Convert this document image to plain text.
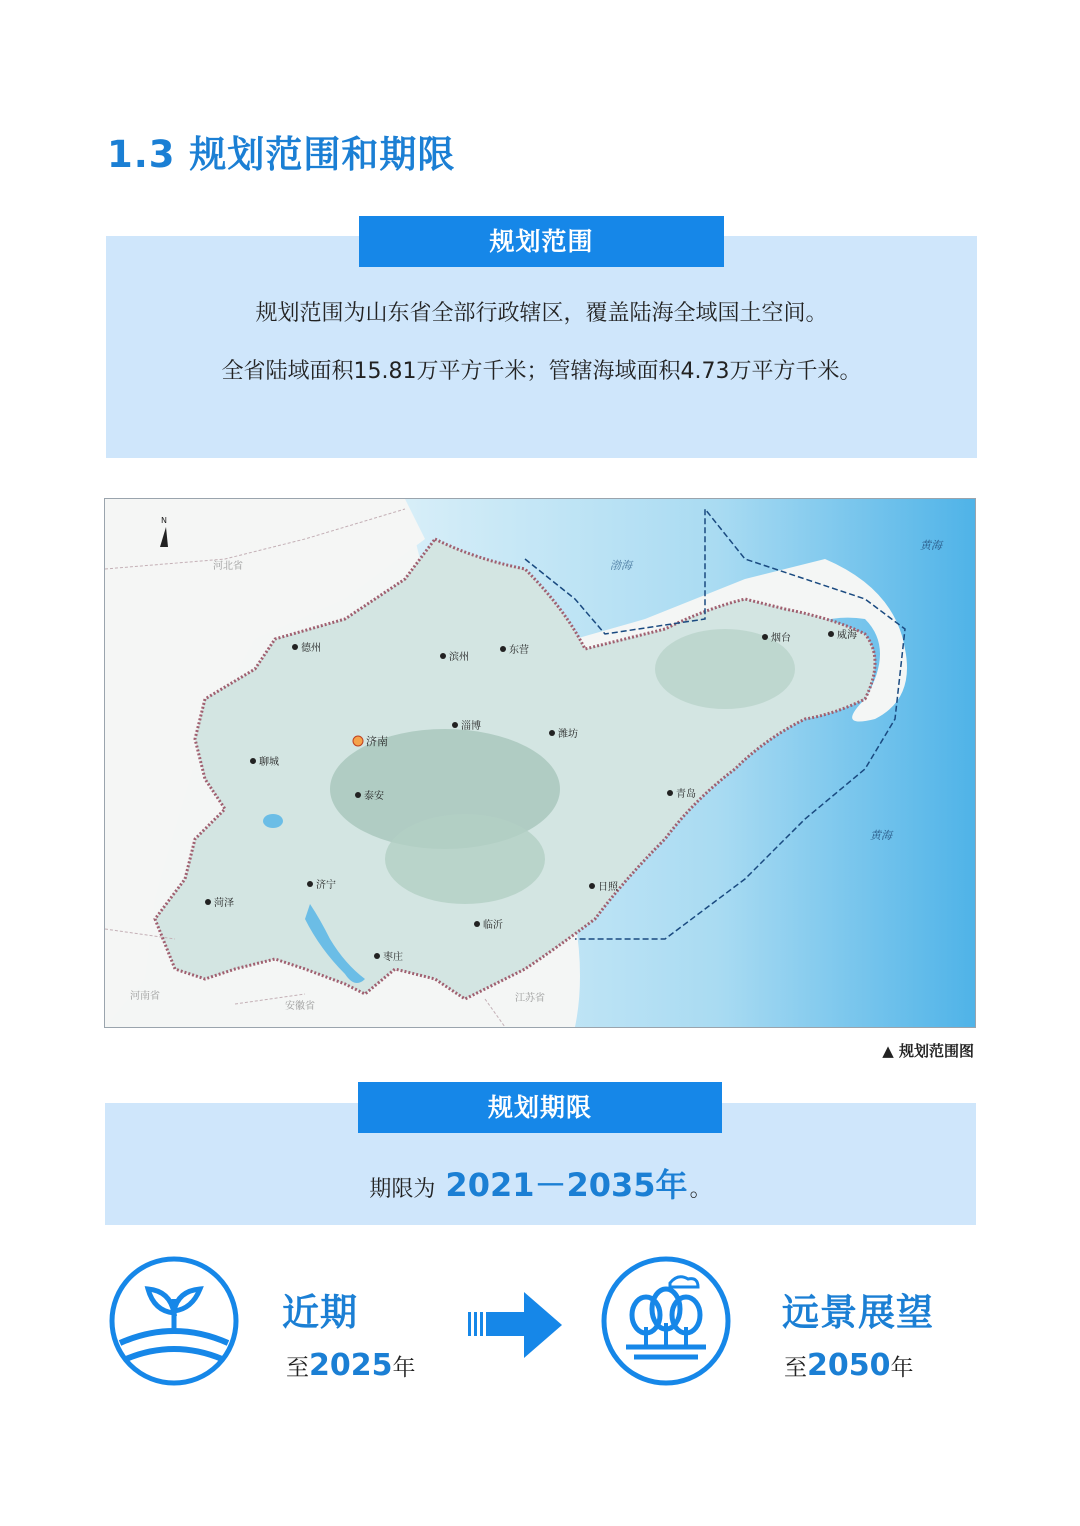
1.3 规划范围和期限
规划范围
规划范围为山东省全部行政辖区，覆盖陆海全域国土空间。
全省陆域面积15.81万平方千米；管辖海域面积4.73万平方千米。
N
河北省
河南省
安徽省
江苏省
渤海
黄海
黄海
济南
德州
滨州
东营
烟台	威海
淄博
潍坊
聊城
泰安	青岛
济宁
菏泽
日照
临沂
枣庄
▲ 规划范围图
规划期限
期限为 2021－2035年。
近期
至2025年
远景展望
至2050年
